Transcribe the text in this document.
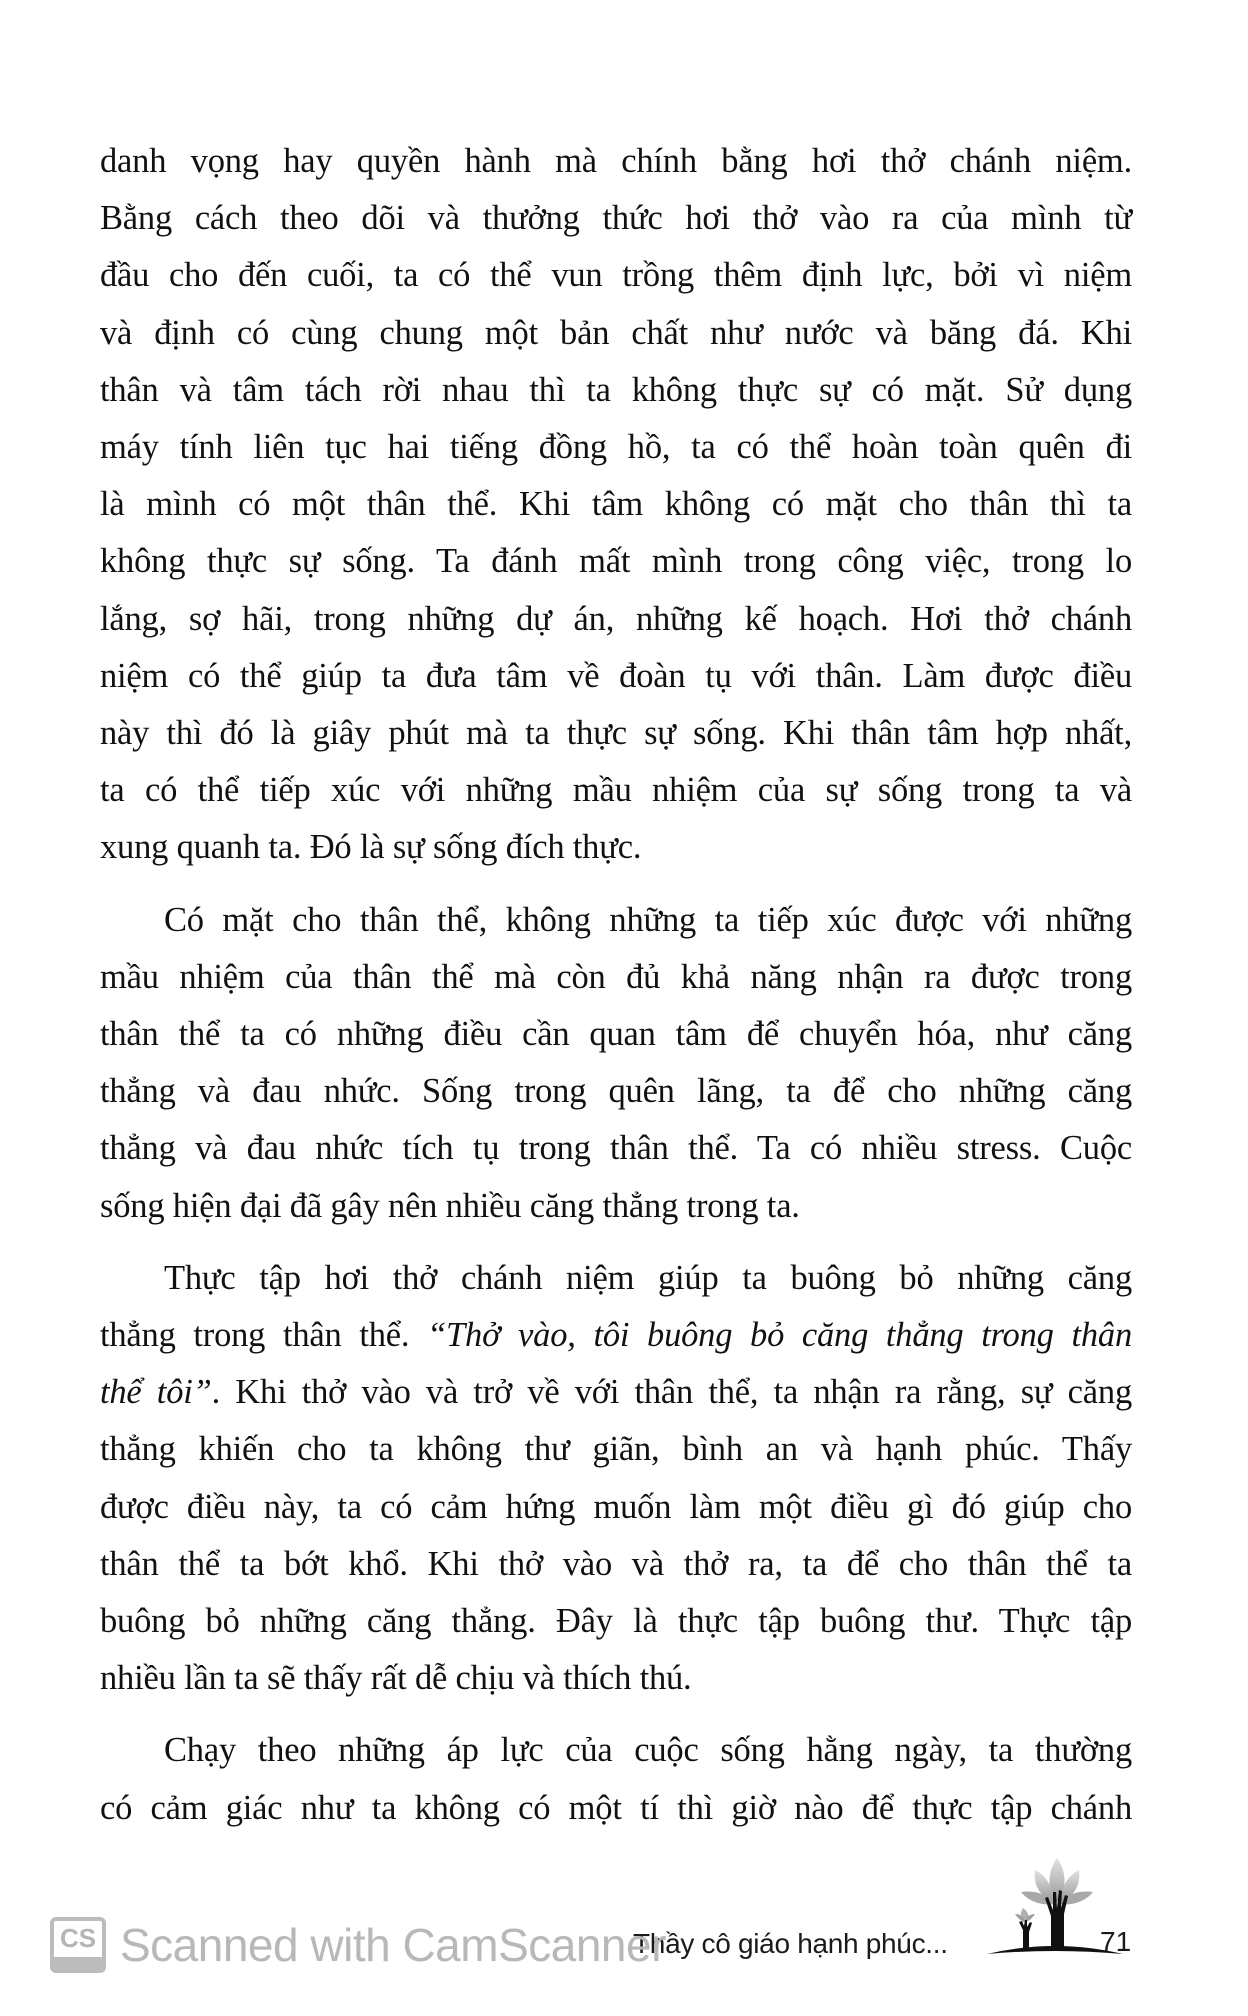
danh vọng hay quyền hành mà chính bằng hơi thở chánh niệm.
Bằng cách theo dõi và thưởng thức hơi thở vào ra của mình từ
đầu cho đến cuối, ta có thể vun trồng thêm định lực, bởi vì niệm
và định có cùng chung một bản chất như nước và băng đá. Khi
thân và tâm tách rời nhau thì ta không thực sự có mặt. Sử dụng
máy tính liên tục hai tiếng đồng hồ, ta có thể hoàn toàn quên đi
là mình có một thân thể. Khi tâm không có mặt cho thân thì ta
không thực sự sống. Ta đánh mất mình trong công việc, trong lo
lắng, sợ hãi, trong những dự án, những kế hoạch. Hơi thở chánh
niệm có thể giúp ta đưa tâm về đoàn tụ với thân. Làm được điều
này thì đó là giây phút mà ta thực sự sống. Khi thân tâm hợp nhất,
ta có thể tiếp xúc với những mầu nhiệm của sự sống trong ta và
xung quanh ta. Đó là sự sống đích thực.

Có mặt cho thân thể, không những ta tiếp xúc được với những
mầu nhiệm của thân thể mà còn đủ khả năng nhận ra được trong
thân thể ta có những điều cần quan tâm để chuyển hóa, như căng
thẳng và đau nhức. Sống trong quên lãng, ta để cho những căng
thẳng và đau nhức tích tụ trong thân thể. Ta có nhiều stress. Cuộc
sống hiện đại đã gây nên nhiều căng thẳng trong ta.

Thực tập hơi thở chánh niệm giúp ta buông bỏ những căng
thẳng trong thân thể. “Thở vào, tôi buông bỏ căng thẳng trong thân
thể tôi”. Khi thở vào và trở về với thân thể, ta nhận ra rằng, sự căng
thẳng khiến cho ta không thư giãn, bình an và hạnh phúc. Thấy
được điều này, ta có cảm hứng muốn làm một điều gì đó giúp cho
thân thể ta bớt khổ. Khi thở vào và thở ra, ta để cho thân thể ta
buông bỏ những căng thẳng. Đây là thực tập buông thư. Thực tập
nhiều lần ta sẽ thấy rất dễ chịu và thích thú.

Chạy theo những áp lực của cuộc sống hằng ngày, ta thường
có cảm giác như ta không có một tí thì giờ nào để thực tập chánh

Thầy cô giáo hạnh phúc...	71
CS Scanned with CamScanner
